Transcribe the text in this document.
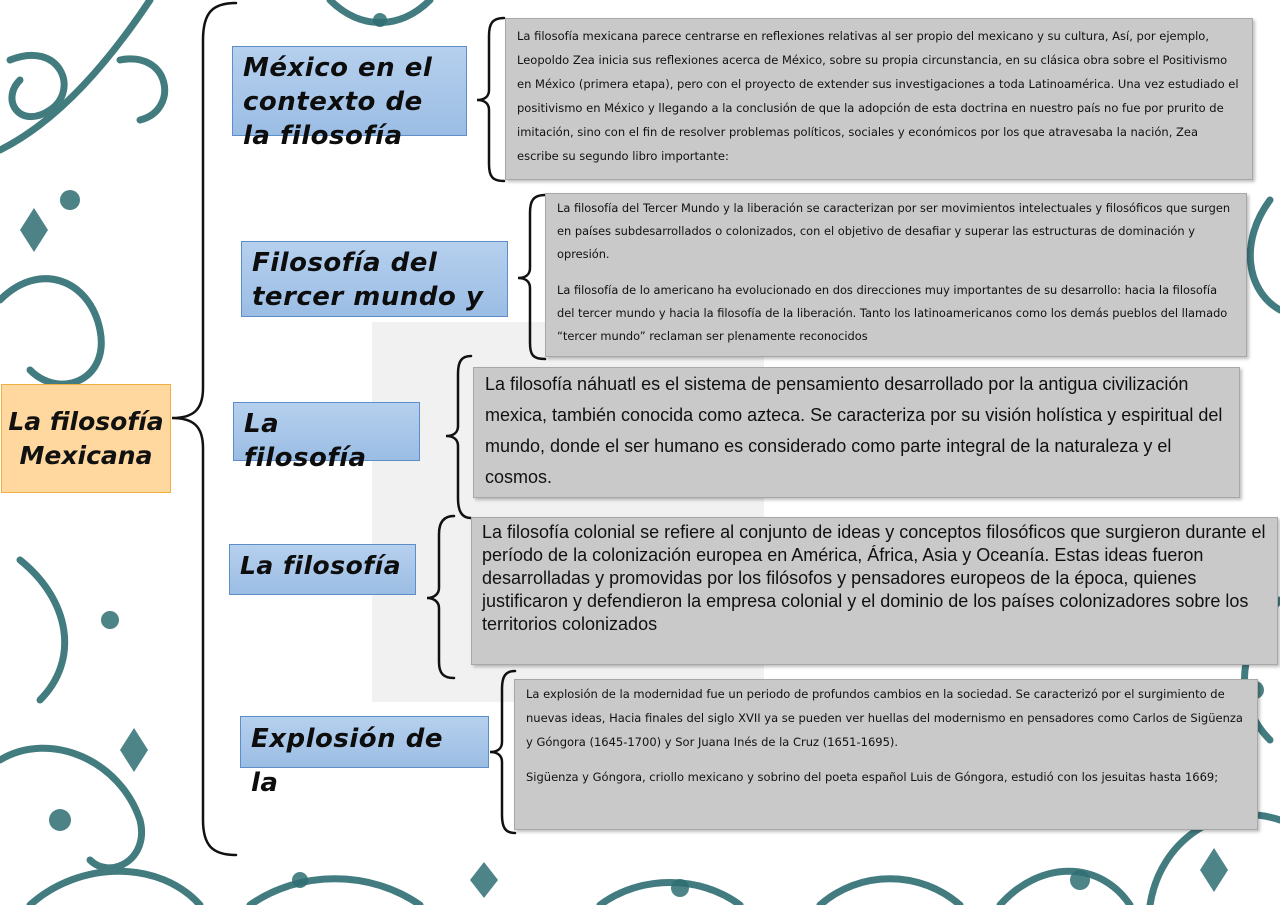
La filosofía Mexicana
México en el contexto de la filosofía
Filosofía del tercer mundo y
La filosofía
La filosofía
Explosión de la

La filosofía mexicana parece centrarse en reflexiones relativas al ser propio del mexicano y su cultura, Así, por ejemplo, Leopoldo Zea inicia sus reflexiones acerca de México, sobre su propia circunstancia, en su clásica obra sobre el Positivismo en México (primera etapa), pero con el proyecto de extender sus investigaciones a toda Latinoamérica. Una vez estudiado el positivismo en México y llegando a la conclusión de que la adopción de esta doctrina en nuestro país no fue por prurito de imitación, sino con el fin de resolver problemas políticos, sociales y económicos por los que atravesaba la nación, Zea escribe su segundo libro importante:

La filosofía del Tercer Mundo y la liberación se caracterizan por ser movimientos intelectuales y filosóficos que surgen en países subdesarrollados o colonizados, con el objetivo de desafiar y superar las estructuras de dominación y opresión.

La filosofía de lo americano ha evolucionado en dos direcciones muy importantes de su desarrollo: hacia la filosofía del tercer mundo y hacia la filosofía de la liberación. Tanto los latinoamericanos como los demás pueblos del llamado “tercer mundo” reclaman ser plenamente reconocidos

La filosofía náhuatl es el sistema de pensamiento desarrollado por la antigua civilización mexica, también conocida como azteca. Se caracteriza por su visión holística y espiritual del mundo, donde el ser humano es considerado como parte integral de la naturaleza y el cosmos.

La filosofía colonial se refiere al conjunto de ideas y conceptos filosóficos que surgieron durante el período de la colonización europea en América, África, Asia y Oceanía. Estas ideas fueron desarrolladas y promovidas por los filósofos y pensadores europeos de la época, quienes justificaron y defendieron la empresa colonial y el dominio de los países colonizadores sobre los territorios colonizados

La explosión de la modernidad fue un periodo de profundos cambios en la sociedad. Se caracterizó por el surgimiento de nuevas ideas, Hacia finales del siglo XVII ya se pueden ver huellas del modernismo en pensadores como Carlos de Sigüenza y Góngora (1645-1700) y Sor Juana Inés de la Cruz (1651-1695).

Sigüenza y Góngora, criollo mexicano y sobrino del poeta español Luis de Góngora, estudió con los jesuitas hasta 1669;
